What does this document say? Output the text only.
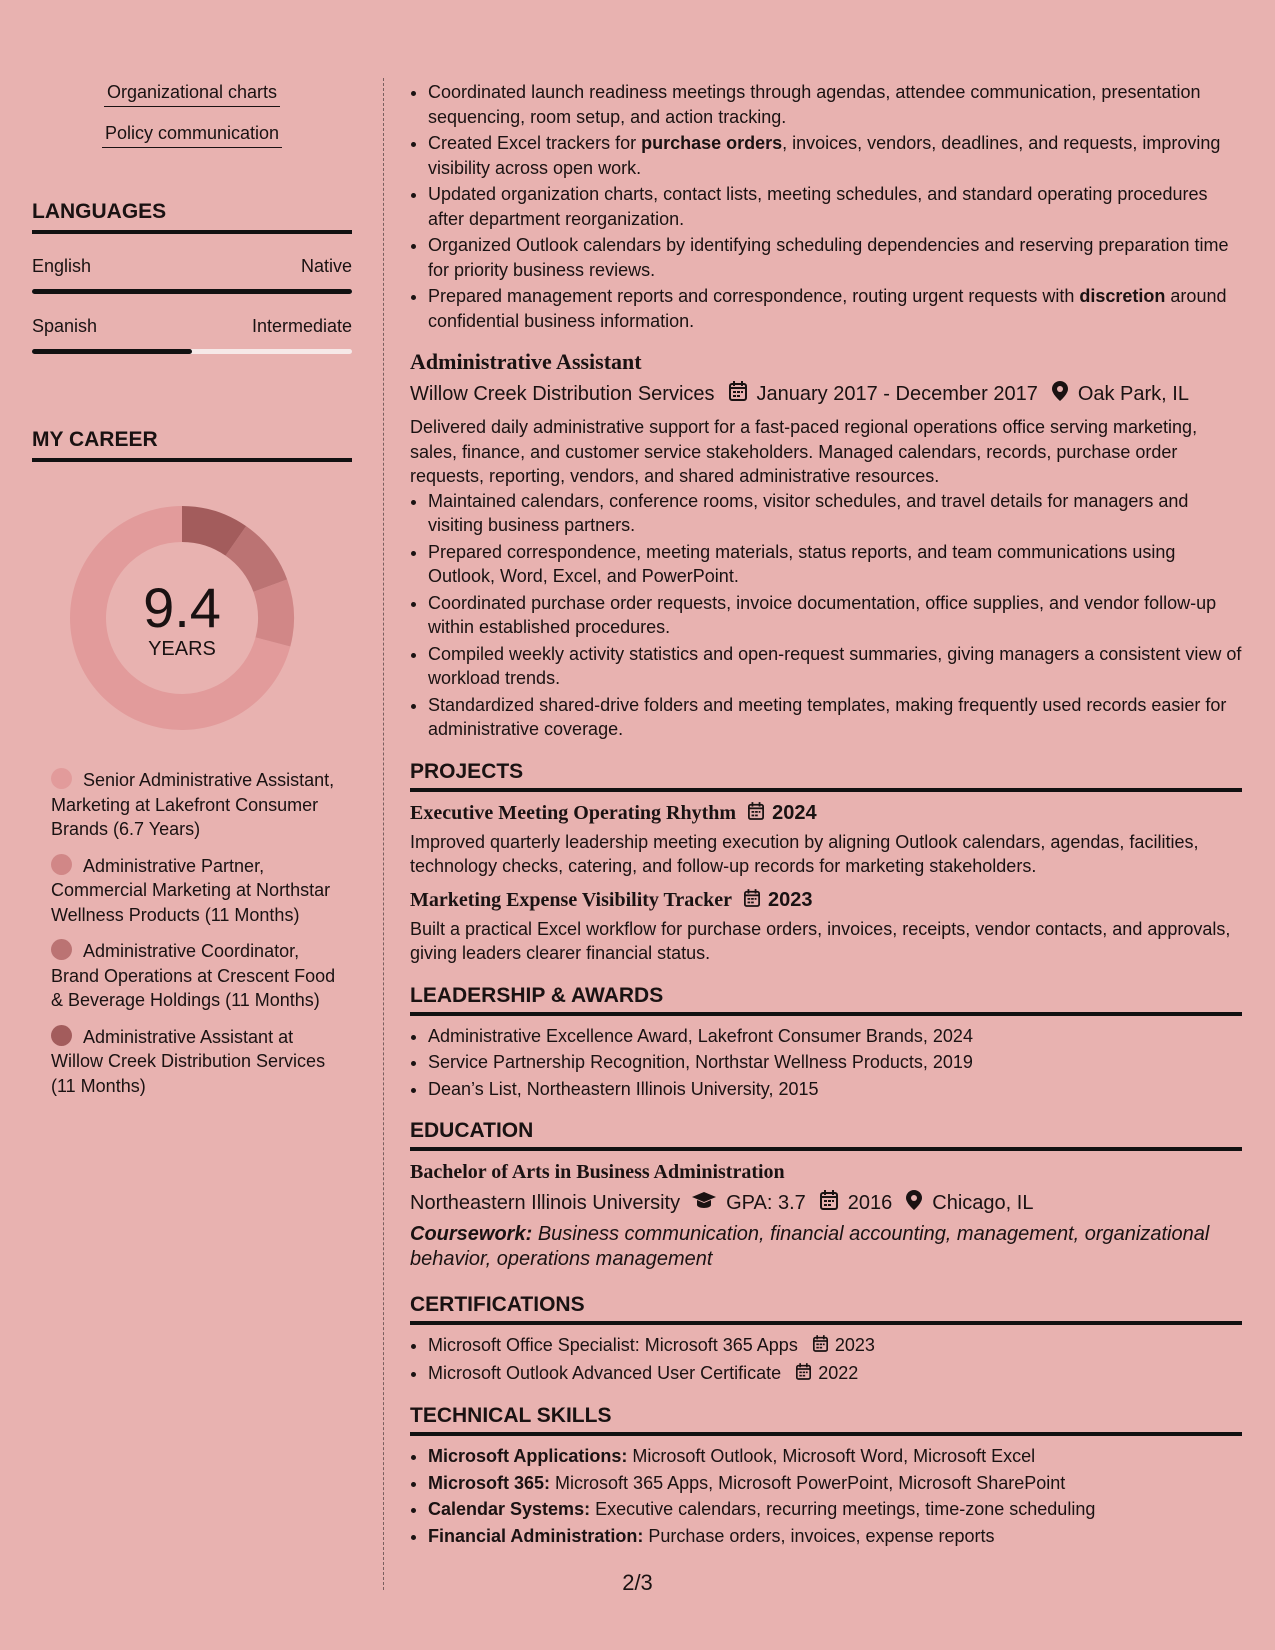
Organizational charts
Policy communication
LANGUAGES
English	Native
Spanish	Intermediate
MY CAREER
9.4
YEARS
Senior Administrative Assistant, Marketing at Lakefront Consumer Brands (6.7 Years)
Administrative Partner, Commercial Marketing at Northstar Wellness Products (11 Months)
Administrative Coordinator, Brand Operations at Crescent Food & Beverage Holdings (11 Months)
Administrative Assistant at Willow Creek Distribution Services (11 Months)
• Coordinated launch readiness meetings through agendas, attendee communication, presentation sequencing, room setup, and action tracking.
• Created Excel trackers for purchase orders, invoices, vendors, deadlines, and requests, improving visibility across open work.
• Updated organization charts, contact lists, meeting schedules, and standard operating procedures after department reorganization.
• Organized Outlook calendars by identifying scheduling dependencies and reserving preparation time for priority business reviews.
• Prepared management reports and correspondence, routing urgent requests with discretion around confidential business information.
Administrative Assistant
Willow Creek Distribution Services January 2017 - December 2017 Oak Park, IL
Delivered daily administrative support for a fast-paced regional operations office serving marketing, sales, finance, and customer service stakeholders. Managed calendars, records, purchase order requests, reporting, vendors, and shared administrative resources.
• Maintained calendars, conference rooms, visitor schedules, and travel details for managers and visiting business partners.
• Prepared correspondence, meeting materials, status reports, and team communications using Outlook, Word, Excel, and PowerPoint.
• Coordinated purchase order requests, invoice documentation, office supplies, and vendor follow-up within established procedures.
• Compiled weekly activity statistics and open-request summaries, giving managers a consistent view of workload trends.
• Standardized shared-drive folders and meeting templates, making frequently used records easier for administrative coverage.
PROJECTS
Executive Meeting Operating Rhythm 2024
Improved quarterly leadership meeting execution by aligning Outlook calendars, agendas, facilities, technology checks, catering, and follow-up records for marketing stakeholders.
Marketing Expense Visibility Tracker 2023
Built a practical Excel workflow for purchase orders, invoices, receipts, vendor contacts, and approvals, giving leaders clearer financial status.
LEADERSHIP & AWARDS
• Administrative Excellence Award, Lakefront Consumer Brands, 2024
• Service Partnership Recognition, Northstar Wellness Products, 2019
• Dean’s List, Northeastern Illinois University, 2015
EDUCATION
Bachelor of Arts in Business Administration
Northeastern Illinois University GPA: 3.7 2016 Chicago, IL
Coursework: Business communication, financial accounting, management, organizational behavior, operations management
CERTIFICATIONS
• Microsoft Office Specialist: Microsoft 365 Apps 2023
• Microsoft Outlook Advanced User Certificate 2022
TECHNICAL SKILLS
• Microsoft Applications: Microsoft Outlook, Microsoft Word, Microsoft Excel
• Microsoft 365: Microsoft 365 Apps, Microsoft PowerPoint, Microsoft SharePoint
• Calendar Systems: Executive calendars, recurring meetings, time-zone scheduling
• Financial Administration: Purchase orders, invoices, expense reports
2/3
